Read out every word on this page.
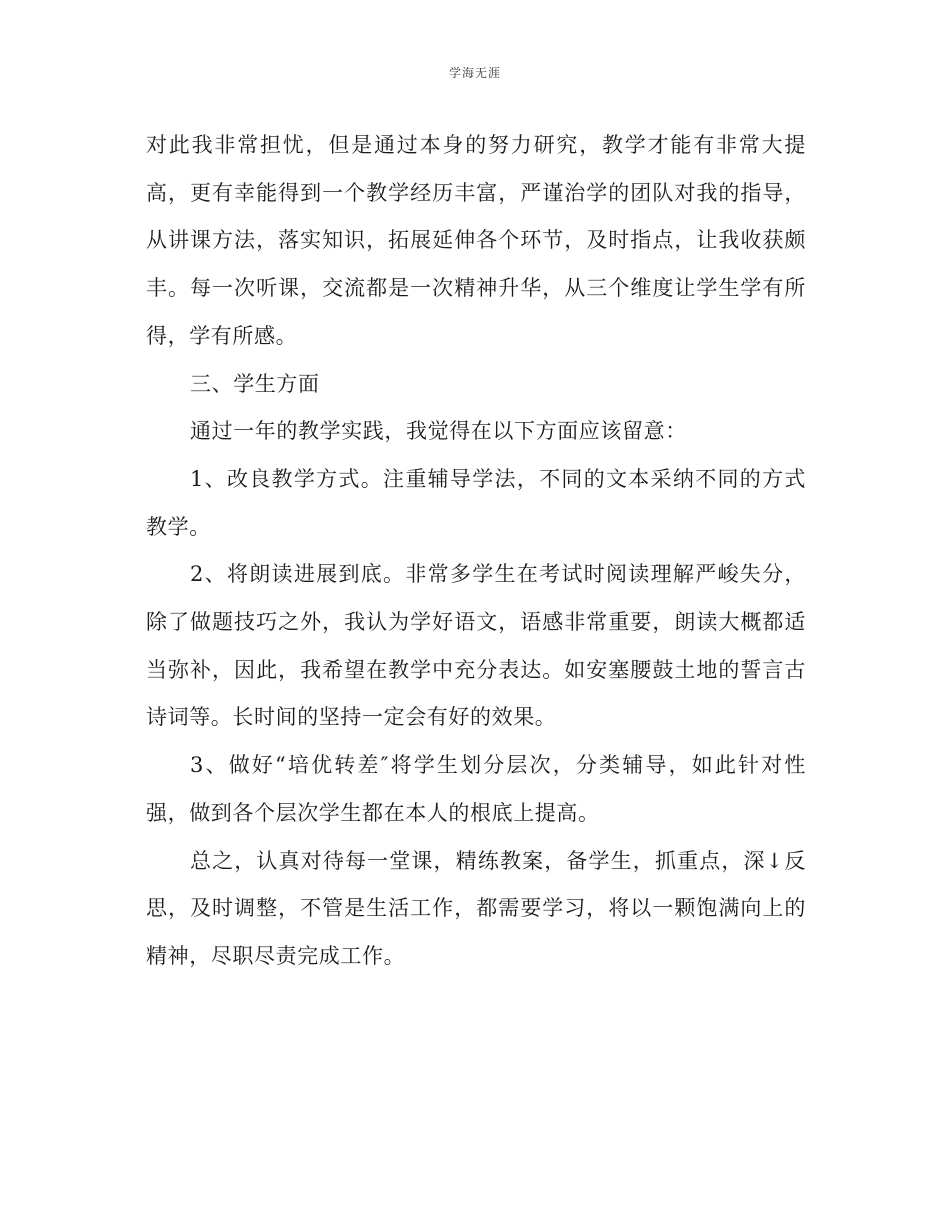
学海无涯

对此我非常担忧，但是通过本身的努力研究，教学才能有非常大提高，更有幸能得到一个教学经历丰富，严谨治学的团队对我的指导，从讲课方法，落实知识，拓展延伸各个环节，及时指点，让我收获颇丰。每一次听课，交流都是一次精神升华，从三个维度让学生学有所得，学有所感。

三、学生方面

通过一年的教学实践，我觉得在以下方面应该留意：

1、改良教学方式。注重辅导学法，不同的文本采纳不同的方式教学。

2、将朗读进展到底。非常多学生在考试时阅读理解严峻失分，除了做题技巧之外，我认为学好语文，语感非常重要，朗读大概都适当弥补，因此，我希望在教学中充分表达。如安塞腰鼓土地的誓言古诗词等。长时间的坚持一定会有好的效果。

3、做好“培优转差″将学生划分层次，分类辅导，如此针对性强，做到各个层次学生都在本人的根底上提高。

总之，认真对待每一堂课，精练教案，备学生，抓重点，深↓反思，及时调整，不管是生活工作，都需要学习，将以一颗饱满向上的精神，尽职尽责完成工作。
